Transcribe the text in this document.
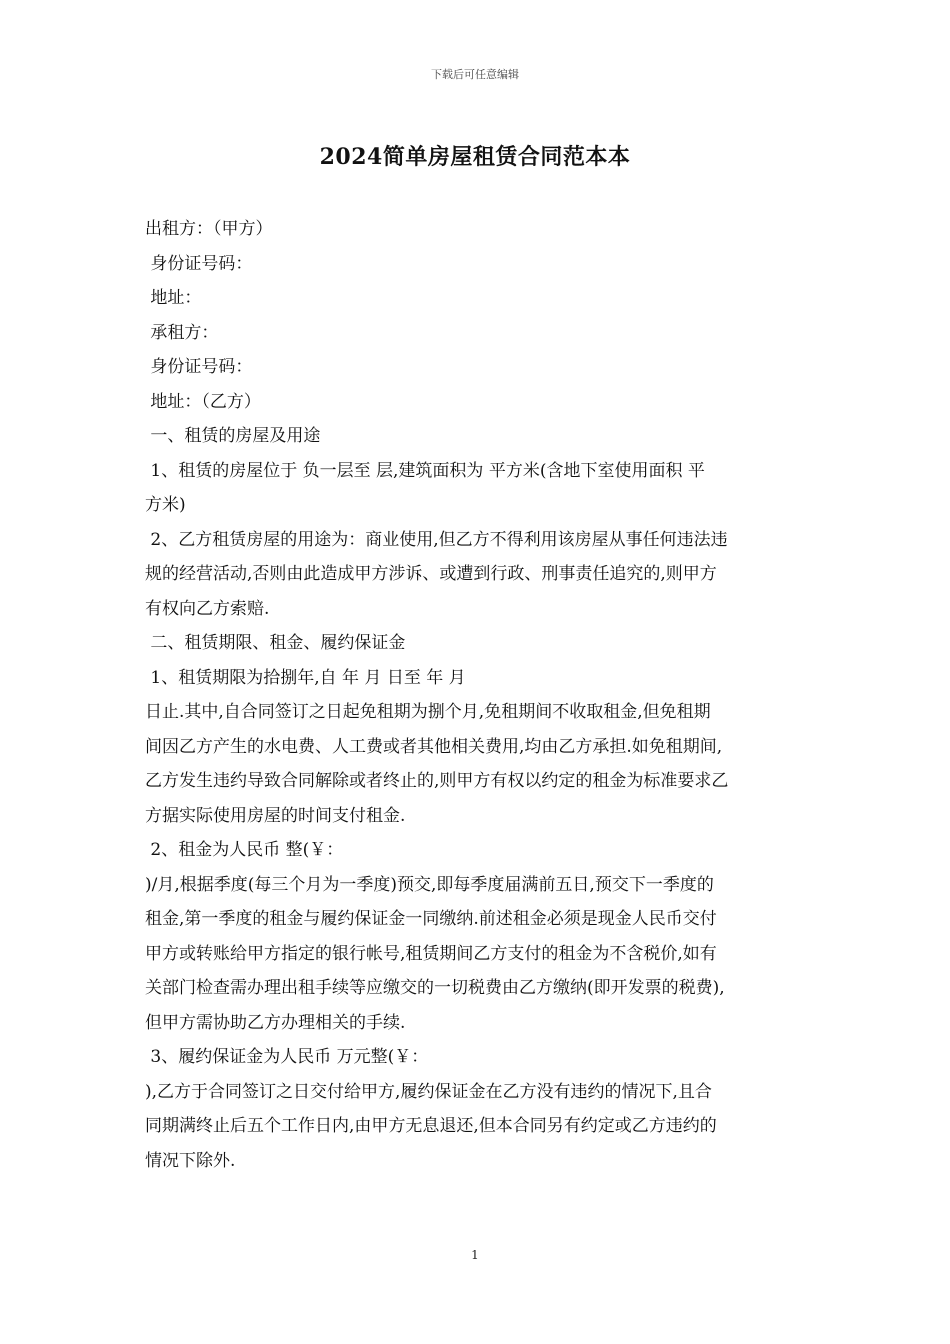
下载后可任意编辑
2024简单房屋租赁合同范本本
出租方：（甲方）
身份证号码：
地址：
承租方：
身份证号码：
地址：（乙方）
一、租赁的房屋及用途
1、租赁的房屋位于 负一层至 层,建筑面积为 平方米(含地下室使用面积 平
方米)
2、乙方租赁房屋的用途为：商业使用,但乙方不得利用该房屋从事任何违法违
规的经营活动,否则由此造成甲方涉诉、或遭到行政、刑事责任追究的,则甲方
有权向乙方索赔.
二、租赁期限、租金、履约保证金
1、租赁期限为拾捌年,自 年 月 日至 年 月
日止.其中,自合同签订之日起免租期为捌个月,免租期间不收取租金,但免租期
间因乙方产生的水电费、人工费或者其他相关费用,均由乙方承担.如免租期间,
乙方发生违约导致合同解除或者终止的,则甲方有权以约定的租金为标准要求乙
方据实际使用房屋的时间支付租金.
2、租金为人民币 整(￥：
)/月,根据季度(每三个月为一季度)预交,即每季度届满前五日,预交下一季度的
租金,第一季度的租金与履约保证金一同缴纳.前述租金必须是现金人民币交付
甲方或转账给甲方指定的银行帐号,租赁期间乙方支付的租金为不含税价,如有
关部门检查需办理出租手续等应缴交的一切税费由乙方缴纳(即开发票的税费),
但甲方需协助乙方办理相关的手续.
3、履约保证金为人民币 万元整(￥：
),乙方于合同签订之日交付给甲方,履约保证金在乙方没有违约的情况下,且合
同期满终止后五个工作日内,由甲方无息退还,但本合同另有约定或乙方违约的
情况下除外.
1
